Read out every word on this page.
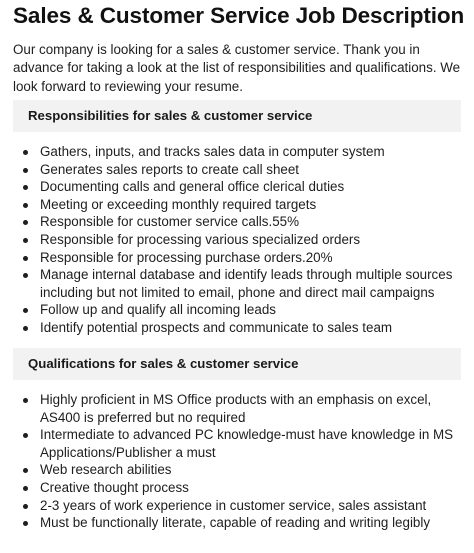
Sales & Customer Service Job Description
Our company is looking for a sales & customer service. Thank you in advance for taking a look at the list of responsibilities and qualifications. We look forward to reviewing your resume.
Responsibilities for sales & customer service
Gathers, inputs, and tracks sales data in computer system
Generates sales reports to create call sheet
Documenting calls and general office clerical duties
Meeting or exceeding monthly required targets
Responsible for customer service calls.55%
Responsible for processing various specialized orders
Responsible for processing purchase orders.20%
Manage internal database and identify leads through multiple sources including but not limited to email, phone and direct mail campaigns
Follow up and qualify all incoming leads
Identify potential prospects and communicate to sales team
Qualifications for sales & customer service
Highly proficient in MS Office products with an emphasis on excel, AS400 is preferred but no required
Intermediate to advanced PC knowledge-must have knowledge in MS Applications/Publisher a must
Web research abilities
Creative thought process
2-3 years of work experience in customer service, sales assistant
Must be functionally literate, capable of reading and writing legibly
